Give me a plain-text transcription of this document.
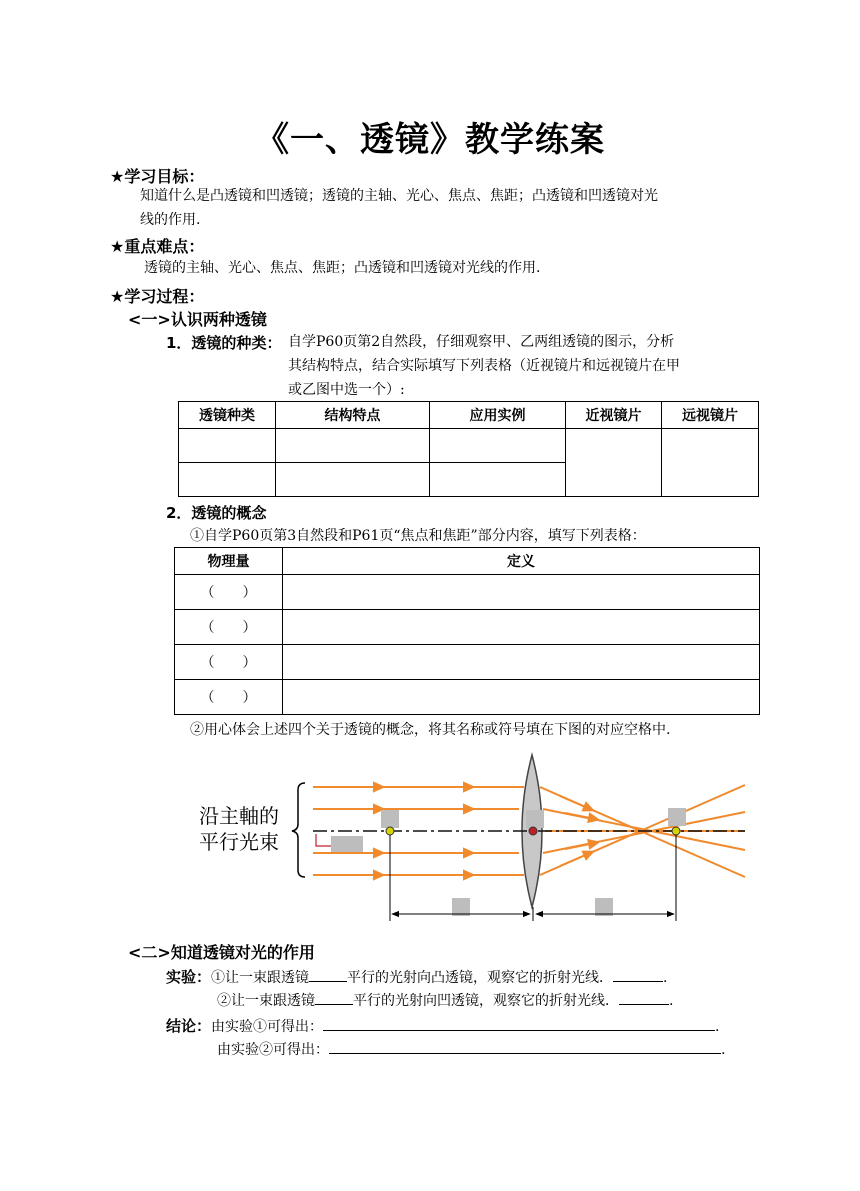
《一、透镜》教学练案
★学习目标：
知道什么是凸透镜和凹透镜；透镜的主轴、光心、焦点、焦距；凸透镜和凹透镜对光
线的作用.
★重点难点：
透镜的主轴、光心、焦点、焦距；凸透镜和凹透镜对光线的作用.
★学习过程：
<一>认识两种透镜
1．透镜的种类： 自学P60页第2自然段，仔细观察甲、乙两组透镜的图示，分析
其结构特点，结合实际填写下列表格（近视镜片和远视镜片在甲
或乙图中选一个）:
透镜种类	结构特点	应用实例	近视镜片	远视镜片

2．透镜的概念
①自学P60页第3自然段和P61页“焦点和焦距”部分内容，填写下列表格：
物理量	定义
（　　）	
（　　）	
（　　）	
（　　）	
②用心体会上述四个关于透镜的概念，将其名称或符号填在下图的对应空格中.
沿主軸的
平行光束
<二>知道透镜对光的作用
实验：①让一束跟透镜	平行的光射向凸透镜，观察它的折射光线．	.
②让一束跟透镜	平行的光射向凹透镜，观察它的折射光线．	.
结论：由实验①可得出：	.
由实验②可得出：	.
